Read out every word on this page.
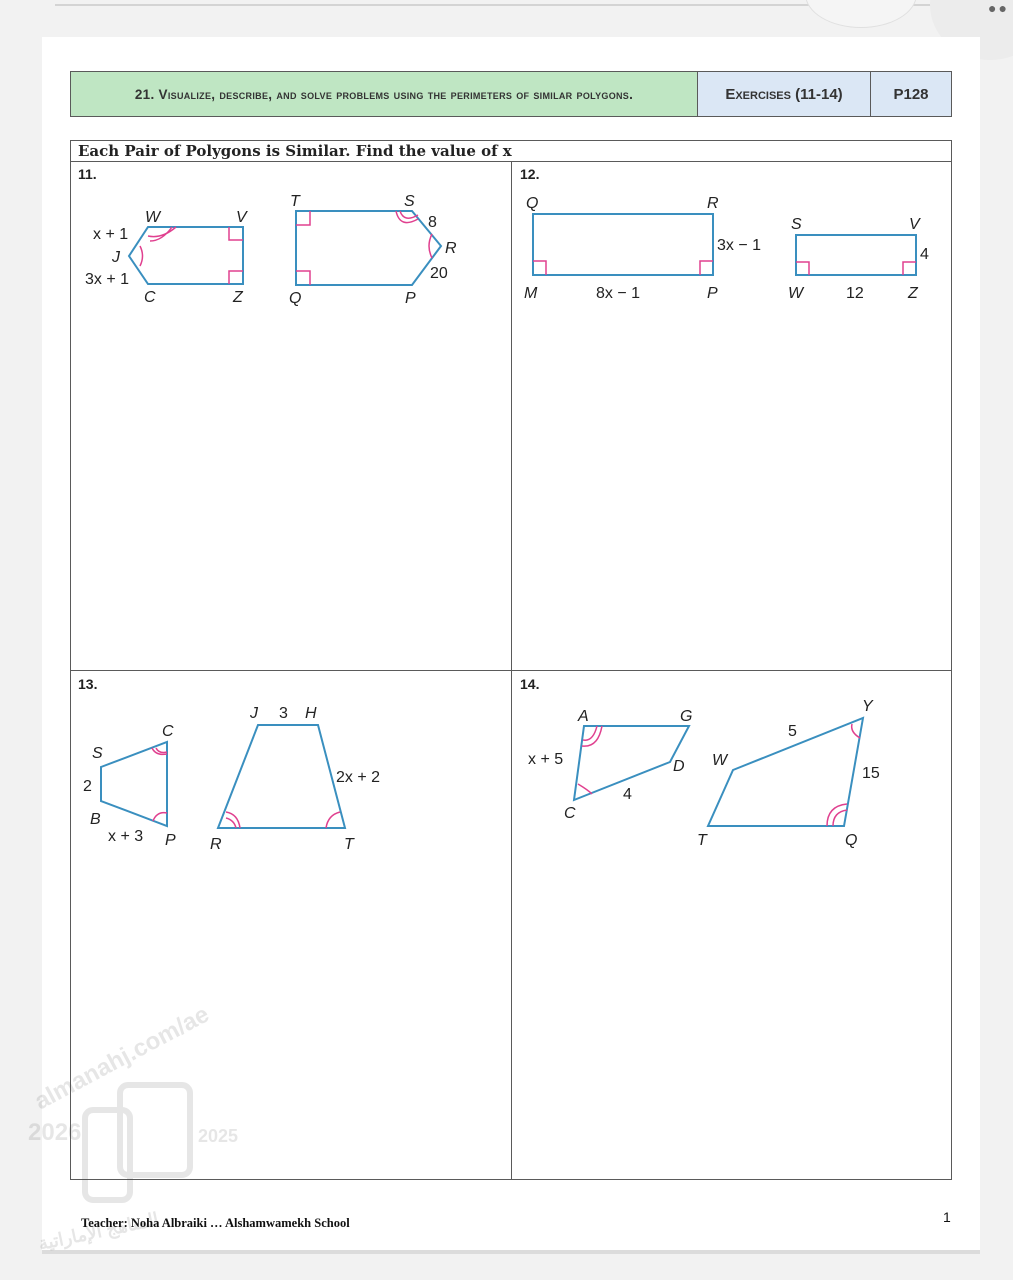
●●
21. Visualize, describe, and solve problems using the perimeters of similar polygons.	Exercises (11-14)	P128
Each Pair of Polygons is Similar. Find the value of x
11.	12.
13.	14.
2026	2025
almanahj.com/ae
المناهج الإماراتية
W	V
J
C	Z
x + 1
3x + 1
T	S
R
Q	P
8
20
Q	R
M	P
3x − 1
8x − 1
S	V
W	Z
4
12
S
C
B
P
2
x + 3
J	H
R	T
3
2x + 2
A	G
D
C
x + 5
4
Y
W
T	Q
5
15
Teacher: Noha Albraiki … Alshamwamekh School	1
